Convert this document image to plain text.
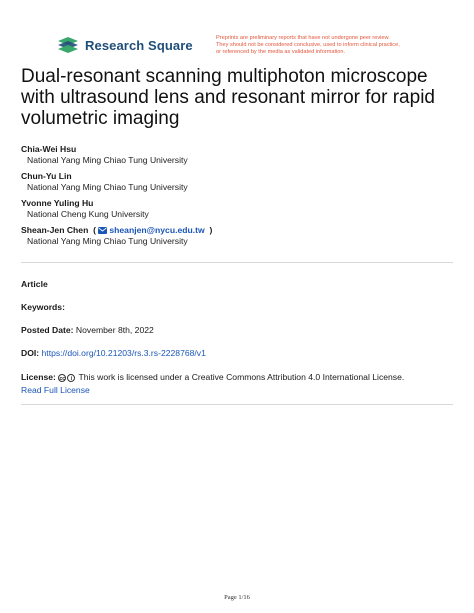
Research Square	Preprints are preliminary reports that have not undergone peer review.
They should not be considered conclusive, used to inform clinical practice,
or referenced by the media as validated information.
Dual-resonant scanning multiphoton microscope with ultrasound lens and resonant mirror for rapid volumetric imaging
Chia-Wei Hsu
National Yang Ming Chiao Tung University
Chun-Yu Lin
National Yang Ming Chiao Tung University
Yvonne Yuling Hu
National Cheng Kung University
Shean-Jen Chen  ( sheanjen@nycu.edu.tw  )
National Yang Ming Chiao Tung University
Article
Keywords:
Posted Date: November 8th, 2022
DOI: https://doi.org/10.21203/rs.3.rs-2228768/v1
License: cc i This work is licensed under a Creative Commons Attribution 4.0 International License.
Read Full License
Page 1/16
